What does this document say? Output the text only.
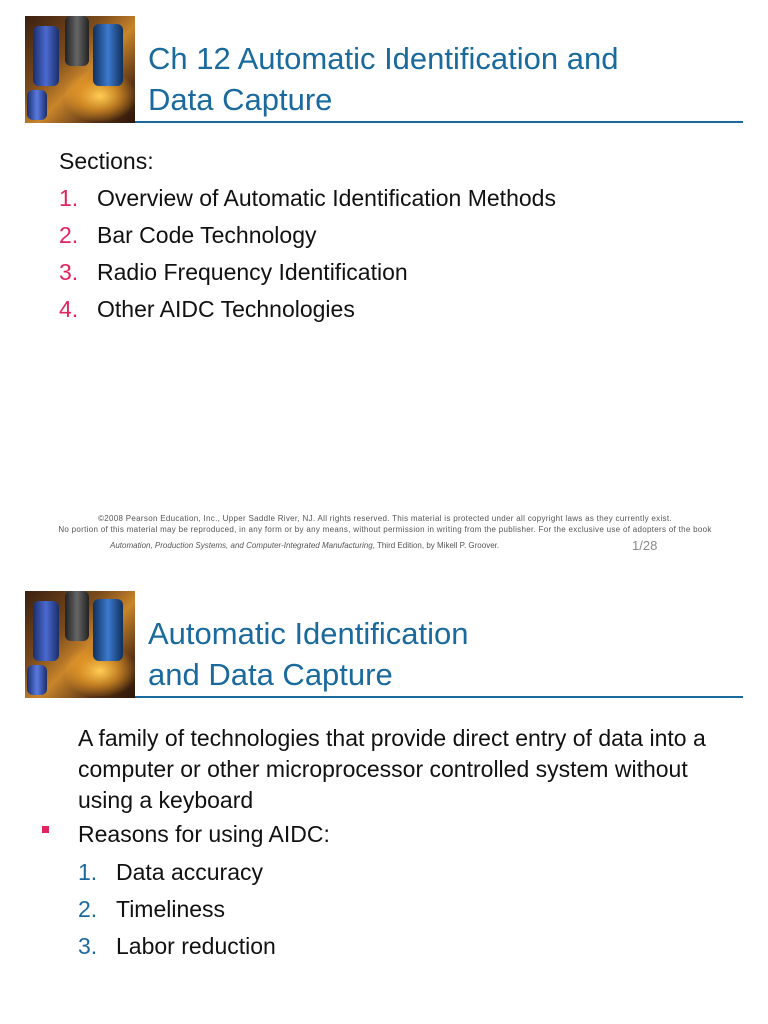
Ch 12 Automatic Identification and
Data Capture
Sections:
1. Overview of Automatic Identification Methods
2. Bar Code Technology
3. Radio Frequency Identification
4. Other AIDC Technologies
©2008 Pearson Education, Inc., Upper Saddle River, NJ. All rights reserved. This material is protected under all copyright laws as they currently exist.
No portion of this material may be reproduced, in any form or by any means, without permission in writing from the publisher. For the exclusive use of adopters of the book
Automation, Production Systems, and Computer-Integrated Manufacturing, Third Edition, by Mikell P. Groover.	1/28
Automatic Identification
and Data Capture

A family of technologies that provide direct entry of data into a computer or other microprocessor controlled system without using a keyboard

Reasons for using AIDC:
1. Data accuracy
2. Timeliness
3. Labor reduction
